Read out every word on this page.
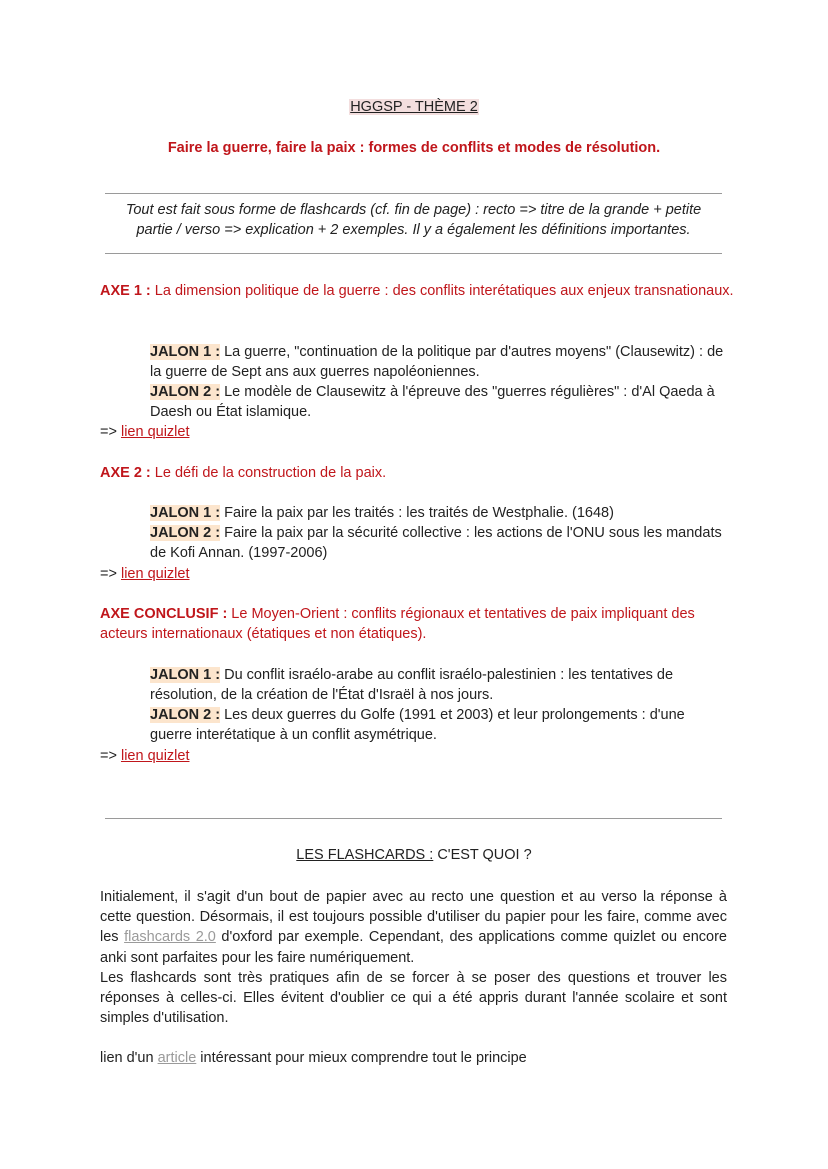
HGGSP - THÈME 2
Faire la guerre, faire la paix : formes de conflits et modes de résolution.
Tout est fait sous forme de flashcards (cf. fin de page) : recto => titre de la grande + petite
partie / verso => explication + 2 exemples. Il y a également les définitions importantes.
AXE 1 : La dimension politique de la guerre : des conflits interétatiques aux enjeux transnationaux.
JALON 1 : La guerre, "continuation de la politique par d'autres moyens" (Clausewitz) : de la guerre de Sept ans aux guerres napoléoniennes.
JALON 2 : Le modèle de Clausewitz à l'épreuve des "guerres régulières" : d'Al Qaeda à Daesh ou État islamique.
=> lien quizlet
AXE 2 : Le défi de la construction de la paix.
JALON 1 : Faire la paix par les traités : les traités de Westphalie. (1648)
JALON 2 : Faire la paix par la sécurité collective : les actions de l'ONU sous les mandats de Kofi Annan. (1997-2006)
=> lien quizlet
AXE CONCLUSIF : Le Moyen-Orient : conflits régionaux et tentatives de paix impliquant des acteurs internationaux (étatiques et non étatiques).
JALON 1 : Du conflit israélo-arabe au conflit israélo-palestinien : les tentatives de résolution, de la création de l'État d'Israël à nos jours.
JALON 2 : Les deux guerres du Golfe (1991 et 2003) et leur prolongements : d'une guerre interétatique à un conflit asymétrique.
=> lien quizlet
LES FLASHCARDS : C'EST QUOI ?
Initialement, il s'agit d'un bout de papier avec au recto une question et au verso la réponse à cette question. Désormais, il est toujours possible d'utiliser du papier pour les faire, comme avec les flashcards 2.0 d'oxford par exemple. Cependant, des applications comme quizlet ou encore anki sont parfaites pour les faire numériquement.
Les flashcards sont très pratiques afin de se forcer à se poser des questions et trouver les réponses à celles-ci. Elles évitent d'oublier ce qui a été appris durant l'année scolaire et sont simples d'utilisation.
lien d'un article intéressant pour mieux comprendre tout le principe
